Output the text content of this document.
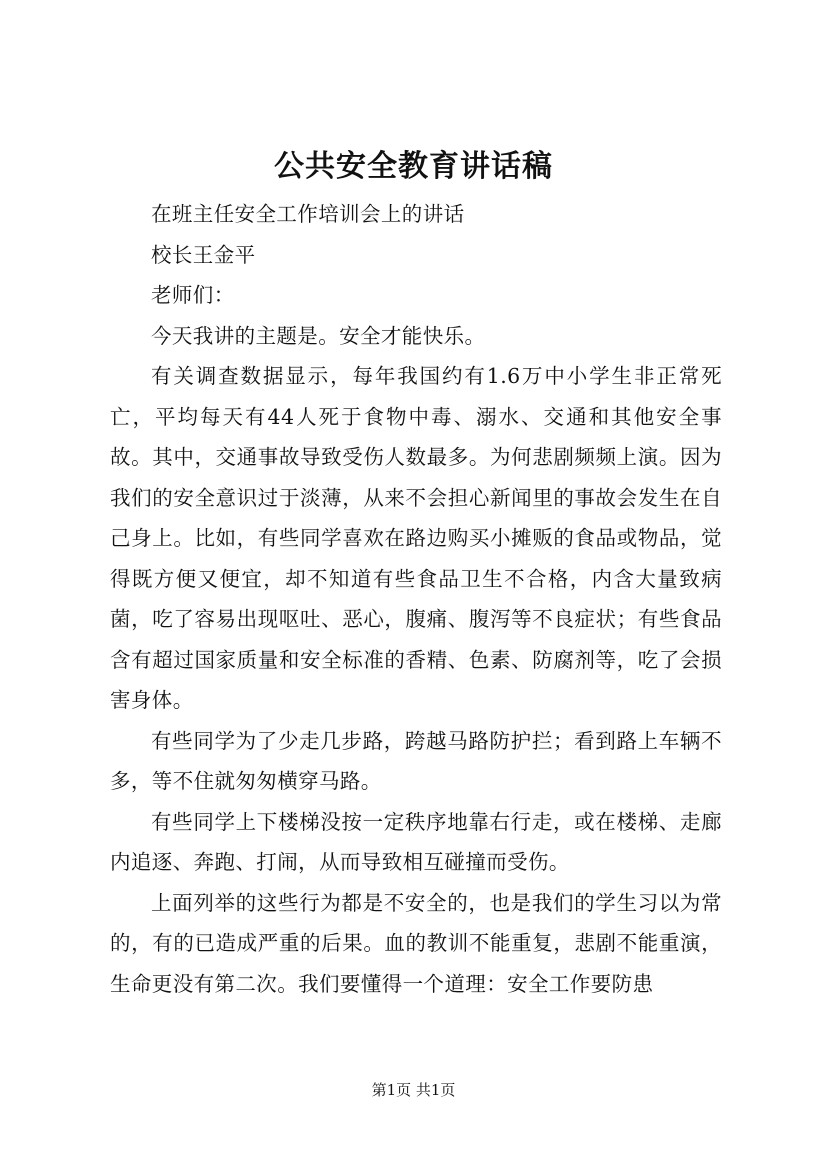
公共安全教育讲话稿

在班主任安全工作培训会上的讲话

校长王金平

老师们：

今天我讲的主题是。安全才能快乐。

有关调查数据显示，每年我国约有1.6万中小学生非正常死亡，平均每天有44人死于食物中毒、溺水、交通和其他安全事故。其中，交通事故导致受伤人数最多。为何悲剧频频上演。因为我们的安全意识过于淡薄，从来不会担心新闻里的事故会发生在自己身上。比如，有些同学喜欢在路边购买小摊贩的食品或物品，觉得既方便又便宜，却不知道有些食品卫生不合格，内含大量致病菌，吃了容易出现呕吐、恶心，腹痛、腹泻等不良症状；有些食品含有超过国家质量和安全标准的香精、色素、防腐剂等，吃了会损害身体。

有些同学为了少走几步路，跨越马路防护拦；看到路上车辆不多，等不住就匆匆横穿马路。

有些同学上下楼梯没按一定秩序地靠右行走，或在楼梯、走廊内追逐、奔跑、打闹，从而导致相互碰撞而受伤。

上面列举的这些行为都是不安全的，也是我们的学生习以为常的，有的已造成严重的后果。血的教训不能重复，悲剧不能重演，生命更没有第二次。我们要懂得一个道理：安全工作要防患

第1页 共1页
